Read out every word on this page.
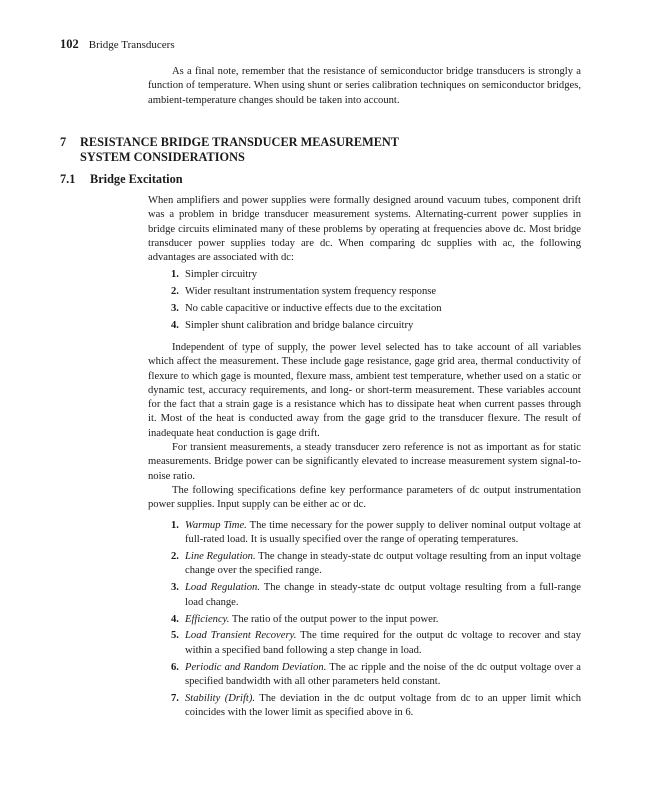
102 Bridge Transducers

As a final note, remember that the resistance of semiconductor bridge transducers is strongly a function of temperature. When using shunt or series calibration techniques on semiconductor bridges, ambient-temperature changes should be taken into account.

7 RESISTANCE BRIDGE TRANSDUCER MEASUREMENT
SYSTEM CONSIDERATIONS
7.1 Bridge Excitation

When amplifiers and power supplies were formally designed around vacuum tubes, component drift was a problem in bridge transducer measurement systems. Alternating-current power supplies in bridge circuits eliminated many of these problems by operating at frequencies above dc. Most bridge transducer power supplies today are dc. When comparing dc supplies with ac, the following advantages are associated with dc:

1. Simpler circuitry
2. Wider resultant instrumentation system frequency response
3. No cable capacitive or inductive effects due to the excitation
4. Simpler shunt calibration and bridge balance circuitry

Independent of type of supply, the power level selected has to take account of all variables which affect the measurement. These include gage resistance, gage grid area, thermal conductivity of flexure to which gage is mounted, flexure mass, ambient test temperature, whether used on a static or dynamic test, accuracy requirements, and long- or short-term measurement. These variables account for the fact that a strain gage is a resistance which has to dissipate heat when current passes through it. Most of the heat is conducted away from the gage grid to the transducer flexure. The result of inadequate heat conduction is gage drift.

For transient measurements, a steady transducer zero reference is not as important as for static measurements. Bridge power can be significantly elevated to increase measurement system signal-to-noise ratio.

The following specifications define key performance parameters of dc output instrumentation power supplies. Input supply can be either ac or dc.

1. Warmup Time. The time necessary for the power supply to deliver nominal output voltage at full-rated load. It is usually specified over the range of operating temperatures.
2. Line Regulation. The change in steady-state dc output voltage resulting from an input voltage change over the specified range.
3. Load Regulation. The change in steady-state dc output voltage resulting from a full-range load change.
4. Efficiency. The ratio of the output power to the input power.
5. Load Transient Recovery. The time required for the output dc voltage to recover and stay within a specified band following a step change in load.
6. Periodic and Random Deviation. The ac ripple and the noise of the dc output voltage over a specified bandwidth with all other parameters held constant.
7. Stability (Drift). The deviation in the dc output voltage from dc to an upper limit which coincides with the lower limit as specified above in 6.
